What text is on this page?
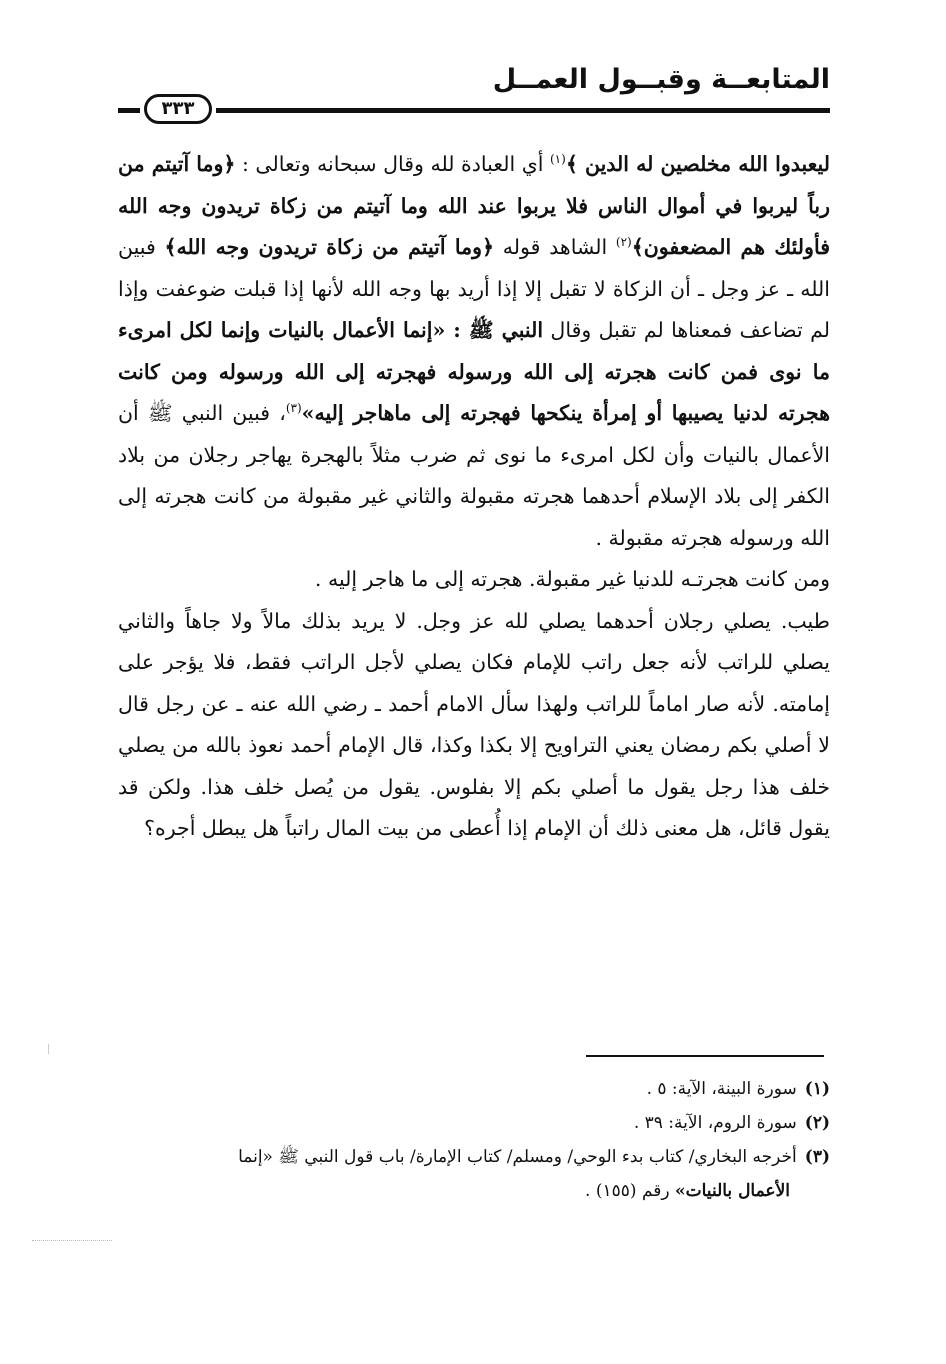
المتابعــة وقبــول العمــل
٣٣٣

ليعبدوا الله مخلصين له الدين ﴾$^{(١)}$ أي العبادة لله وقال سبحانه وتعالى : ﴿وما آتيتم من رباً ليربوا في أموال الناس فلا يربوا عند الله وما آتيتم من زكاة تريدون وجه الله فأولئك هم المضعفون﴾$^{(٢)}$ الشاهد قوله ﴿وما آتيتم من زكاة تريدون وجه الله﴾ فبين الله ـ عز وجل ـ أن الزكاة لا تقبل إلا إذا أريد بها وجه الله لأنها إذا قبلت ضوعفت وإذا لم تضاعف فمعناها لم تقبل وقال النبي ﷺ : «إنما الأعمال بالنيات وإنما لكل امرىء ما نوى فمن كانت هجرته إلى الله ورسوله فهجرته إلى الله ورسوله ومن كانت هجرته لدنيا يصيبها أو إمرأة ينكحها فهجرته إلى ماهاجر إليه»$^{(٣)}$، فبين النبي ﷺ أن الأعمال بالنيات وأن لكل امرىء ما نوى ثم ضرب مثلاً بالهجرة يهاجر رجلان من بلاد الكفر إلى بلاد الإسلام أحدهما هجرته مقبولة والثاني غير مقبولة من كانت هجرته إلى الله ورسوله هجرته مقبولة .

ومن كانت هجرتـه للدنيا غير مقبولة. هجرته إلى ما هاجر إليه .

طيب. يصلي رجلان أحدهما يصلي لله عز وجل. لا يريد بذلك مالاً ولا جاهاً والثاني يصلي للراتب لأنه جعل راتب للإمام فكان يصلي لأجل الراتب فقط، فلا يؤجر على إمامته. لأنه صار اماماً للراتب ولهذا سأل الامام أحمد ـ رضي الله عنه ـ عن رجل قال لا أصلي بكم رمضان يعني التراويح إلا بكذا وكذا، قال الإمام أحمد نعوذ بالله من يصلي خلف هذا رجل يقول ما أصلي بكم إلا بفلوس. يقول من يُصل خلف هذا. ولكن قد يقول قائل، هل معنى ذلك أن الإمام إذا أُعطى من بيت المال راتباً هل يبطل أجره؟

(١)سورة البينة، الآية: ٥ .

(٢)سورة الروم، الآية: ٣٩ .

(٣)أخرجه البخاري/ كتاب بدء الوحي/ ومسلم/ كتاب الإمارة/ باب قول النبي ﷺ «إنما

الأعمال بالنيات» رقم (١٥٥) .
